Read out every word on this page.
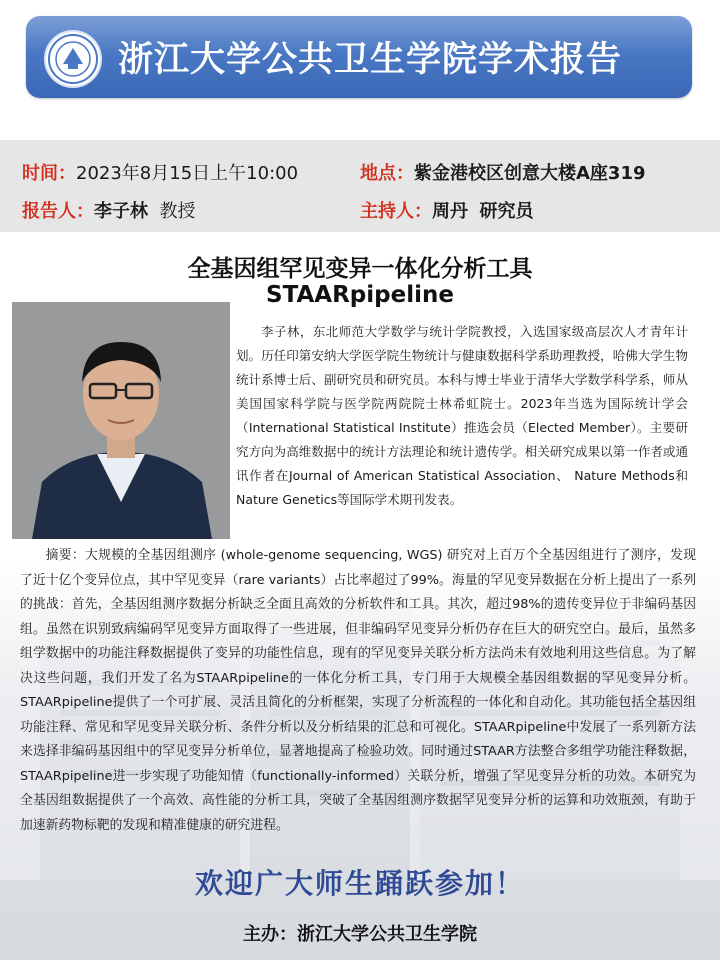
浙江大学公共卫生学院学术报告
时间：2023年8月15日上午10:00	地点：紫金港校区创意大楼A座319
报告人：李子林 教授	主持人：周丹 研究员
全基因组罕见变异一体化分析工具
STAARpipeline
李子林，东北师范大学数学与统计学院教授，入选国家级高层次人才青年计划。历任印第安纳大学医学院生物统计与健康数据科学系助理教授，哈佛大学生物统计系博士后、副研究员和研究员。本科与博士毕业于清华大学数学科学系，师从美国国家科学院与医学院两院院士林希虹院士。2023年当选为国际统计学会（International Statistical Institute）推选会员（Elected Member）。主要研究方向为高维数据中的统计方法理论和统计遗传学。相关研究成果以第一作者或通讯作者在Journal of American Statistical Association、 Nature Methods和Nature Genetics等国际学术期刊发表。
摘要：大规模的全基因组测序 (whole-genome sequencing, WGS) 研究对上百万个全基因组进行了测序，发现了近十亿个变异位点，其中罕见变异（rare variants）占比率超过了99%。海量的罕见变异数据在分析上提出了一系列的挑战：首先，全基因组测序数据分析缺乏全面且高效的分析软件和工具。其次，超过98%的遗传变异位于非编码基因组。虽然在识别致病编码罕见变异方面取得了一些进展，但非编码罕见变异分析仍存在巨大的研究空白。最后，虽然多组学数据中的功能注释数据提供了变异的功能性信息，现有的罕见变异关联分析方法尚未有效地利用这些信息。为了解决这些问题，我们开发了名为STAARpipeline的一体化分析工具，专门用于大规模全基因组数据的罕见变异分析。STAARpipeline提供了一个可扩展、灵活且简化的分析框架，实现了分析流程的一体化和自动化。其功能包括全基因组功能注释、常见和罕见变异关联分析、条件分析以及分析结果的汇总和可视化。STAARpipeline中发展了一系列新方法来选择非编码基因组中的罕见变异分析单位，显著地提高了检验功效。同时通过STAAR方法整合多组学功能注释数据，STAARpipeline进一步实现了功能知情（functionally-informed）关联分析，增强了罕见变异分析的功效。本研究为全基因组数据提供了一个高效、高性能的分析工具，突破了全基因组测序数据罕见变异分析的运算和功效瓶颈，有助于加速新药物标靶的发现和精准健康的研究进程。
欢迎广大师生踊跃参加！
主办：浙江大学公共卫生学院
